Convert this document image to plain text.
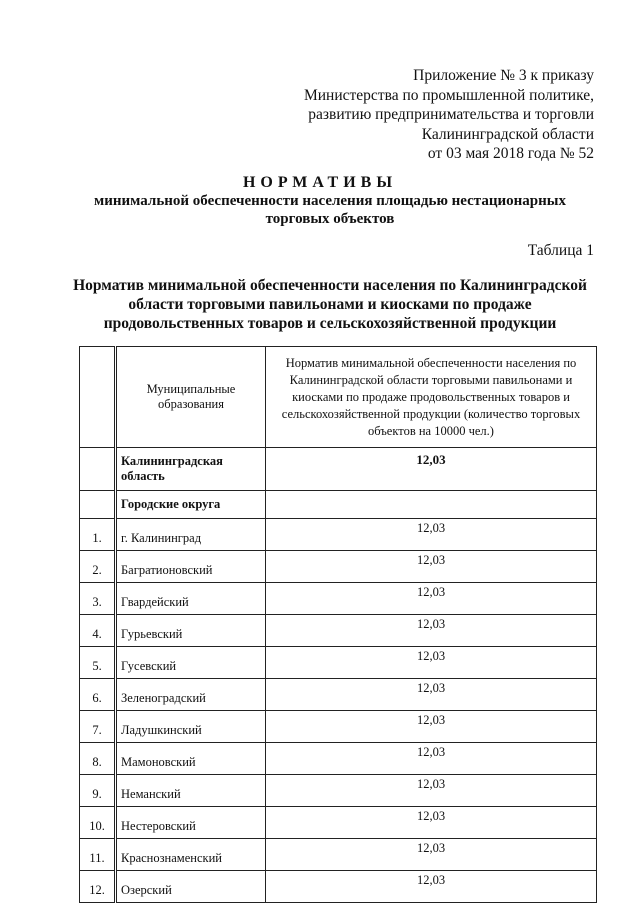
Приложение № 3 к приказу
Министерства по промышленной политике,
развитию предпринимательства и торговли
Калининградской области
от 03 мая 2018 года № 52
НОРМАТИВЫ
минимальной обеспеченности населения площадью нестационарных
торговых объектов
Таблица 1
Норматив минимальной обеспеченности населения по Калининградской
области торговыми павильонами и киосками по продаже
продовольственных товаров и сельскохозяйственной продукции
	Муниципальные образования	Норматив минимальной обеспеченности населения по Калининградской области торговыми павильонами и киосками по продаже продовольственных товаров и сельскохозяйственной продукции (количество торговых объектов на 10000 чел.)
	Калининградская область	12,03
	Городские округа	
1.	г. Калининград	12,03
2.	Багратионовский	12,03
3.	Гвардейский	12,03
4.	Гурьевский	12,03
5.	Гусевский	12,03
6.	Зеленоградский	12,03
7.	Ладушкинский	12,03
8.	Мамоновский	12,03
9.	Неманский	12,03
10.	Нестеровский	12,03
11.	Краснознаменский	12,03
12.	Озерский	12,03
